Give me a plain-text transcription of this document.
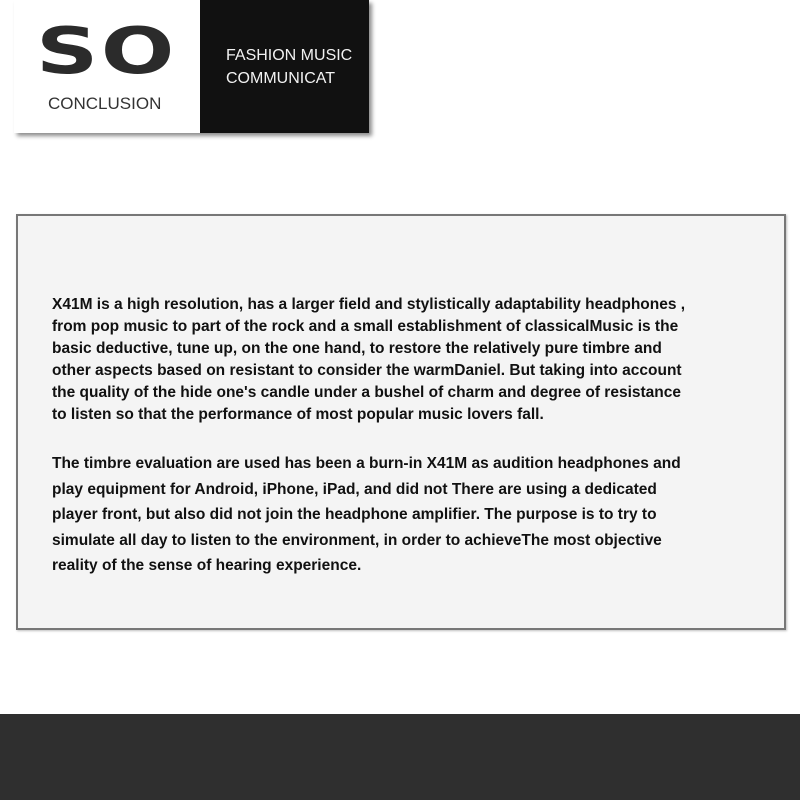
SO
CONCLUSION
FASHION MUSIC
COMMUNICAT

X41M is a high resolution, has a larger field and stylistically adaptability headphones ,
from pop music to part of the rock and a small establishment of classicalMusic is the
basic deductive, tune up, on the one hand, to restore the relatively pure timbre and
other aspects based on resistant to consider the warmDaniel. But taking into account
the quality of the hide one's candle under a bushel of charm and degree of resistance
to listen so that the performance of most popular music lovers fall.

The timbre evaluation are used has been a burn-in X41M as audition headphones and
play equipment for Android, iPhone, iPad, and did not There are using a dedicated
player front, but also did not join the headphone amplifier. The purpose is to try to
simulate all day to listen to the environment, in order to achieveThe most objective
reality of the sense of hearing experience.
